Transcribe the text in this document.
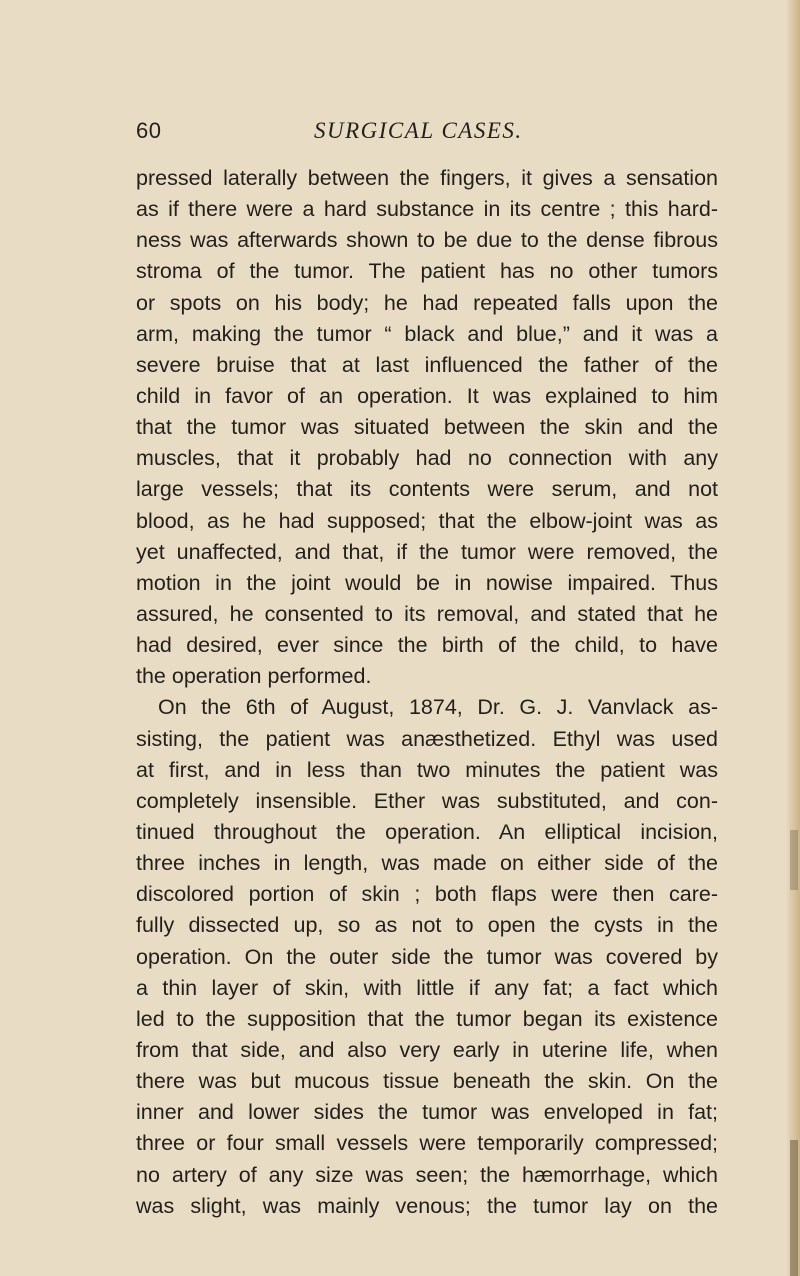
60	SURGICAL CASES.
pressed laterally between the fingers, it gives a sensation
as if there were a hard substance in its centre ; this hard-
ness was afterwards shown to be due to the dense fibrous
stroma of the tumor. The patient has no other tumors
or spots on his body; he had repeated falls upon the
arm, making the tumor “ black and blue,” and it was a
severe bruise that at last influenced the father of the
child in favor of an operation. It was explained to him
that the tumor was situated between the skin and the
muscles, that it probably had no connection with any
large vessels; that its contents were serum, and not
blood, as he had supposed; that the elbow-joint was as
yet unaffected, and that, if the tumor were removed, the
motion in the joint would be in nowise impaired. Thus
assured, he consented to its removal, and stated that he
had desired, ever since the birth of the child, to have
the operation performed.
On the 6th of August, 1874, Dr. G. J. Vanvlack as-
sisting, the patient was anæsthetized. Ethyl was used
at first, and in less than two minutes the patient was
completely insensible. Ether was substituted, and con-
tinued throughout the operation. An elliptical incision,
three inches in length, was made on either side of the
discolored portion of skin ; both flaps were then care-
fully dissected up, so as not to open the cysts in the
operation. On the outer side the tumor was covered by
a thin layer of skin, with little if any fat; a fact which
led to the supposition that the tumor began its existence
from that side, and also very early in uterine life, when
there was but mucous tissue beneath the skin. On the
inner and lower sides the tumor was enveloped in fat;
three or four small vessels were temporarily compressed;
no artery of any size was seen; the hæmorrhage, which
was slight, was mainly venous; the tumor lay on the
